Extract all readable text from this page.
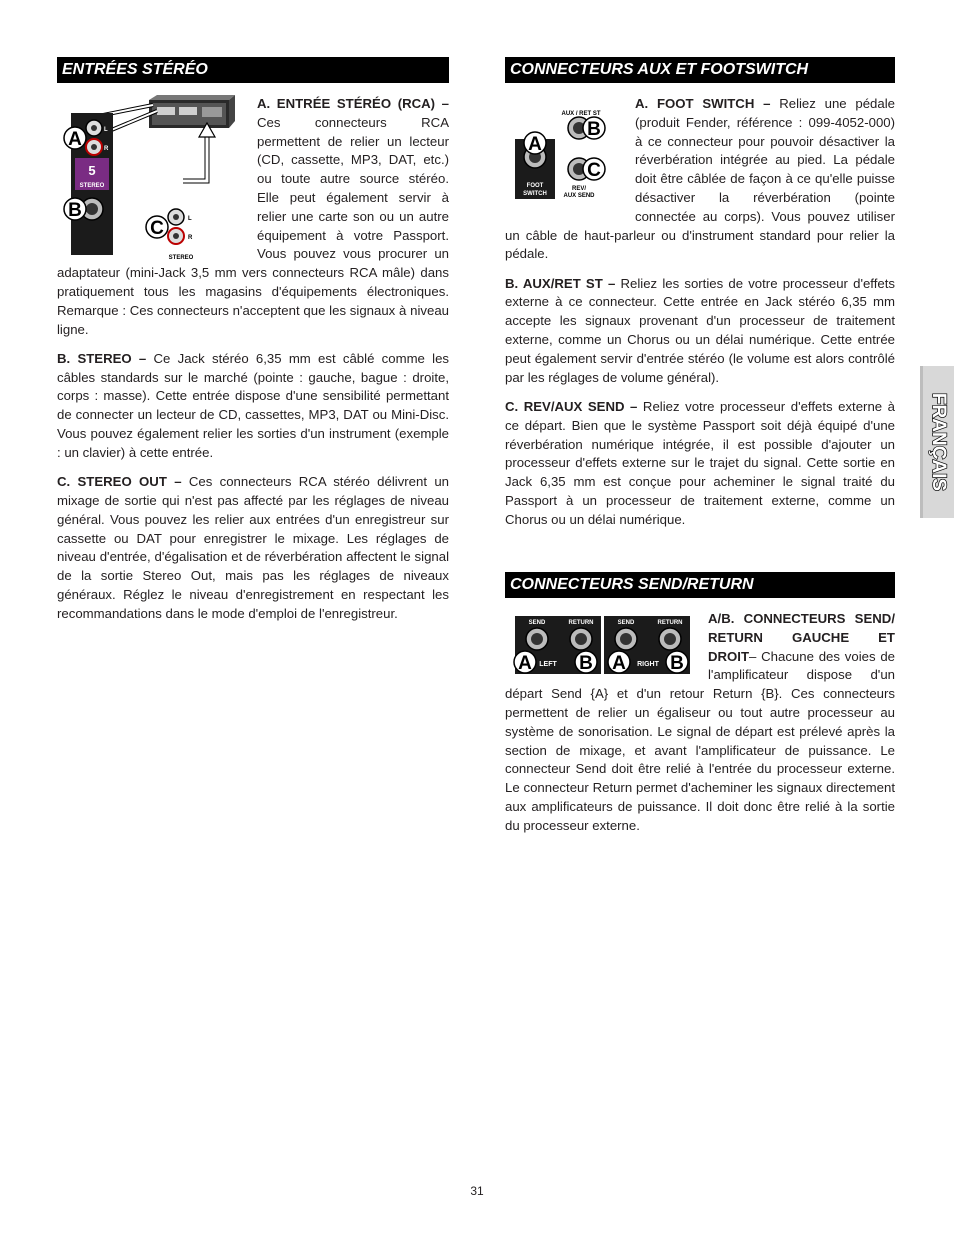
ENTRÉES STÉRÉO
L
R
5
STEREO
A
B	L
R
C
STEREO

A. ENTRÉE STÉRÉO (RCA) – Ces connecteurs RCA permettent de relier un lecteur (CD, cassette, MP3, DAT, etc.) ou toute autre source stéréo. Elle peut également servir à relier une carte son ou un autre équipement à votre Passport. Vous pouvez vous procurer un adaptateur (mini-Jack 3,5 mm vers connecteurs RCA mâle) dans pratiquement tous les magasins d'équipements électroniques. Remarque : Ces connecteurs n'acceptent que les signaux à niveau ligne.

B. STEREO – Ce Jack stéréo 6,35 mm est câblé comme les câbles standards sur le marché (pointe : gauche, bague : droite, corps : masse). Cette entrée dispose d'une sensibilité permettant de connecter un lecteur de CD, cassettes, MP3, DAT ou Mini-Disc. Vous pouvez également relier les sorties d'un instrument (exemple : un clavier) à cette entrée.

C. STEREO OUT – Ces connecteurs RCA stéréo délivrent un mixage de sortie qui n'est pas affecté par les réglages de niveau général. Vous pouvez les relier aux entrées d'un enregistreur sur cassette ou DAT pour enregistrer le mixage. Les réglages de niveau d'entrée, d'égalisation et de réverbération affectent le signal de la sortie Stereo Out, mais pas les réglages de niveaux généraux. Réglez le niveau d'enregistrement en respectant les recommandations dans le mode d'emploi de l'enregistreur.

CONNECTEURS AUX ET FOOTSWITCH
AUX / RET ST
FOOT
SWITCH
A
B
C
REV/
AUX SEND

A. FOOT SWITCH – Reliez une pédale (produit Fender, référence : 099-4052-000) à ce connecteur pour pouvoir désactiver la réverbération intégrée au pied. La pédale doit être câblée de façon à ce qu'elle puisse désactiver la réverbération (pointe connectée au corps). Vous pouvez utiliser un câble de haut-parleur ou d'instrument standard pour relier la pédale.

B. AUX/RET ST – Reliez les sorties de votre processeur d'effets externe à ce connecteur. Cette entrée en Jack stéréo 6,35 mm accepte les signaux provenant d'un processeur de traitement externe, comme un Chorus ou un délai numérique. Cette entrée peut également servir d'entrée stéréo (le volume est alors contrôlé par les réglages de volume général).

C. REV/AUX SEND – Reliez votre processeur d'effets externe à ce départ. Bien que le système Passport soit déjà équipé d'une réverbération numérique intégrée, il est possible d'ajouter un processeur d'effets externe sur le trajet du signal. Cette sortie en Jack 6,35 mm est conçue pour acheminer le signal traité du Passport à un processeur de traitement externe, comme un Chorus ou un délai numérique.

CONNECTEURS SEND/RETURN
SEND	RETURN	SEND	RETURN
A LEFT B A RIGHT B

A/B. CONNECTEURS SEND/ RETURN GAUCHE ET DROIT– Chacune des voies de l'amplificateur dispose d'un départ Send {A} et d'un retour Return {B}. Ces connecteurs permettent de relier un égaliseur ou tout autre processeur au système de sonorisation. Le signal de départ est prélevé après la section de mixage, et avant l'amplificateur de puissance. Le connecteur Send doit être relié à l'entrée du processeur externe. Le connecteur Return permet d'acheminer les signaux directement aux amplificateurs de puissance. Il doit donc être relié à la sortie du processeur externe.

FRANÇAIS
31
